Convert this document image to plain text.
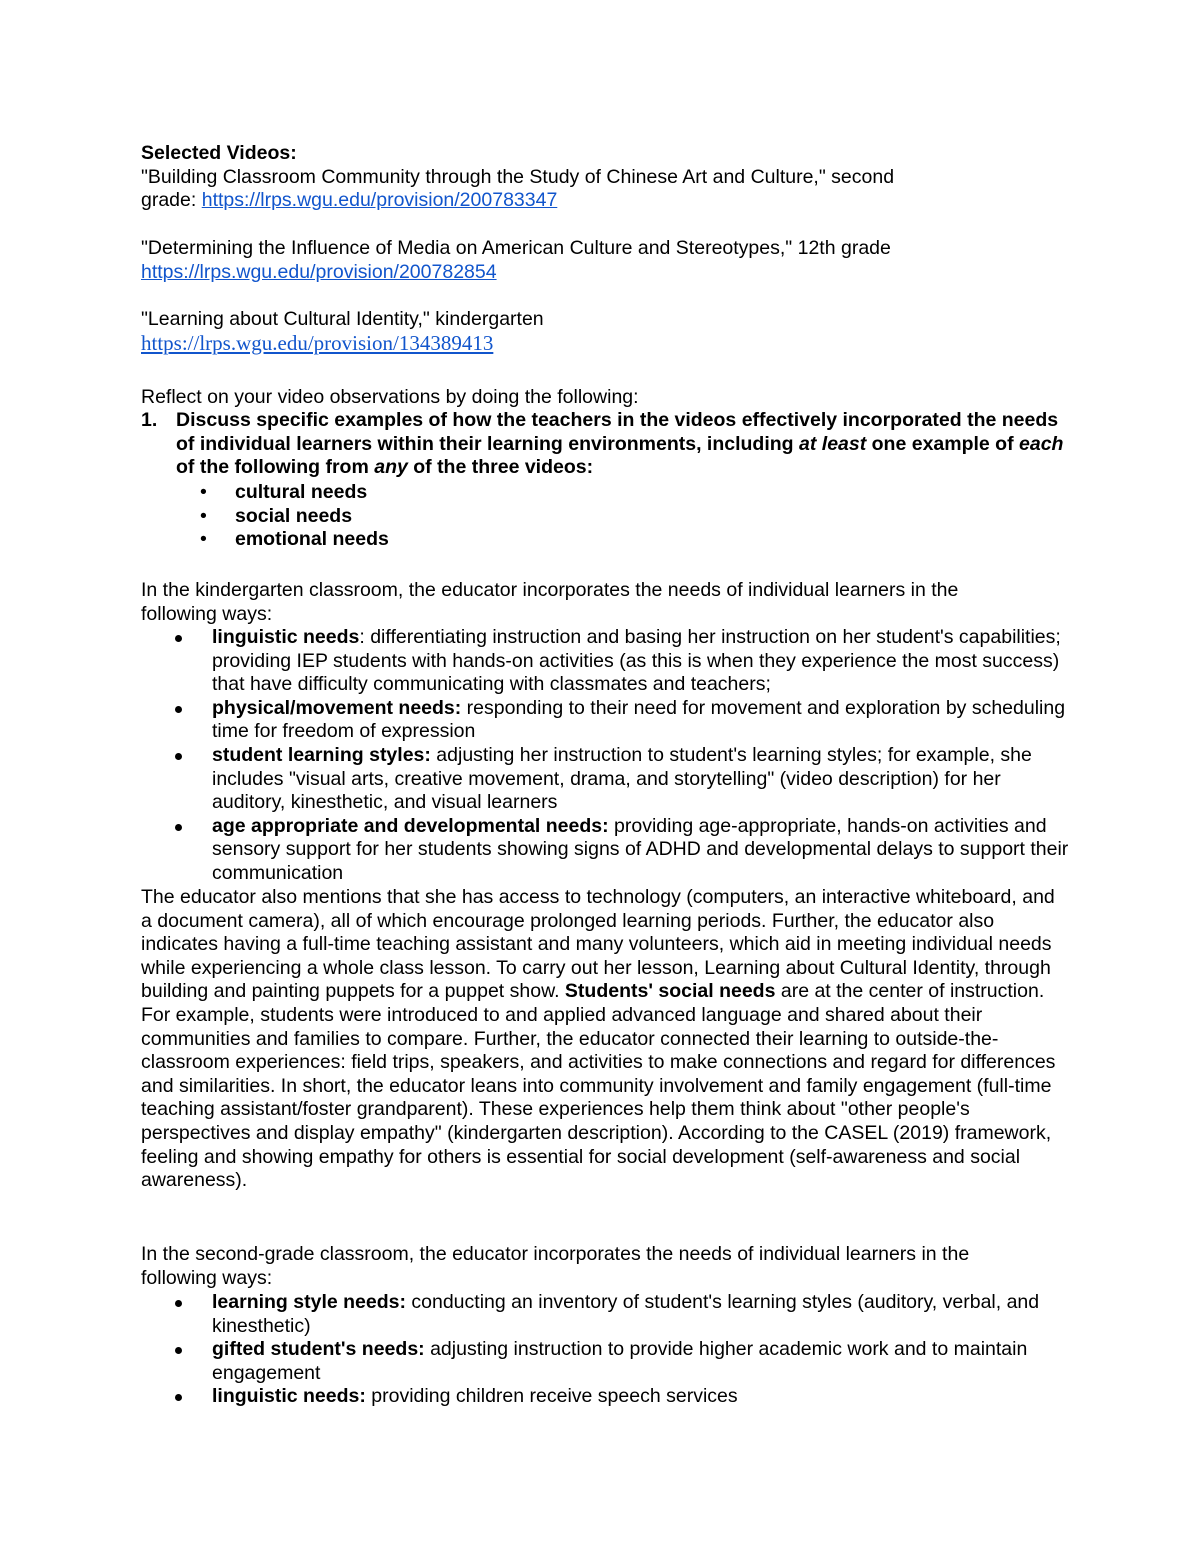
Selected Videos:
"Building Classroom Community through the Study of Chinese Art and Culture," second
grade: https://lrps.wgu.edu/provision/200783347

"Determining the Influence of Media on American Culture and Stereotypes," 12th grade
https://lrps.wgu.edu/provision/200782854

"Learning about Cultural Identity," kindergarten
https://lrps.wgu.edu/provision/134389413

Reflect on your video observations by doing the following:

1. Discuss specific examples of how the teachers in the videos effectively incorporated the needs of individual learners within their learning environments, including at least one example of each of the following from any of the three videos:
• cultural needs
• social needs
• emotional needs

In the kindergarten classroom, the educator incorporates the needs of individual learners in the following ways:

linguistic needs: differentiating instruction and basing her instruction on her student's capabilities; providing IEP students with hands-on activities (as this is when they experience the most success) that have difficulty communicating with classmates and teachers;
physical/movement needs: responding to their need for movement and exploration by scheduling time for freedom of expression
student learning styles: adjusting her instruction to student's learning styles; for example, she includes "visual arts, creative movement, drama, and storytelling" (video description) for her auditory, kinesthetic, and visual learners
age appropriate and developmental needs: providing age-appropriate, hands-on activities and sensory support for her students showing signs of ADHD and developmental delays to support their communication

The educator also mentions that she has access to technology (computers, an interactive whiteboard, and a document camera), all of which encourage prolonged learning periods. Further, the educator also indicates having a full-time teaching assistant and many volunteers, which aid in meeting individual needs while experiencing a whole class lesson. To carry out her lesson, Learning about Cultural Identity, through building and painting puppets for a puppet show. Students' social needs are at the center of instruction. For example, students were introduced to and applied advanced language and shared about their communities and families to compare. Further, the educator connected their learning to outside-the-classroom experiences: field trips, speakers, and activities to make connections and regard for differences and similarities. In short, the educator leans into community involvement and family engagement (full-time teaching assistant/foster grandparent). These experiences help them think about "other people's perspectives and display empathy" (kindergarten description). According to the CASEL (2019) framework, feeling and showing empathy for others is essential for social development (self-awareness and social awareness).

In the second-grade classroom, the educator incorporates the needs of individual learners in the following ways:

learning style needs: conducting an inventory of student's learning styles (auditory, verbal, and kinesthetic)
gifted student's needs: adjusting instruction to provide higher academic work and to maintain engagement
linguistic needs: providing children receive speech services
